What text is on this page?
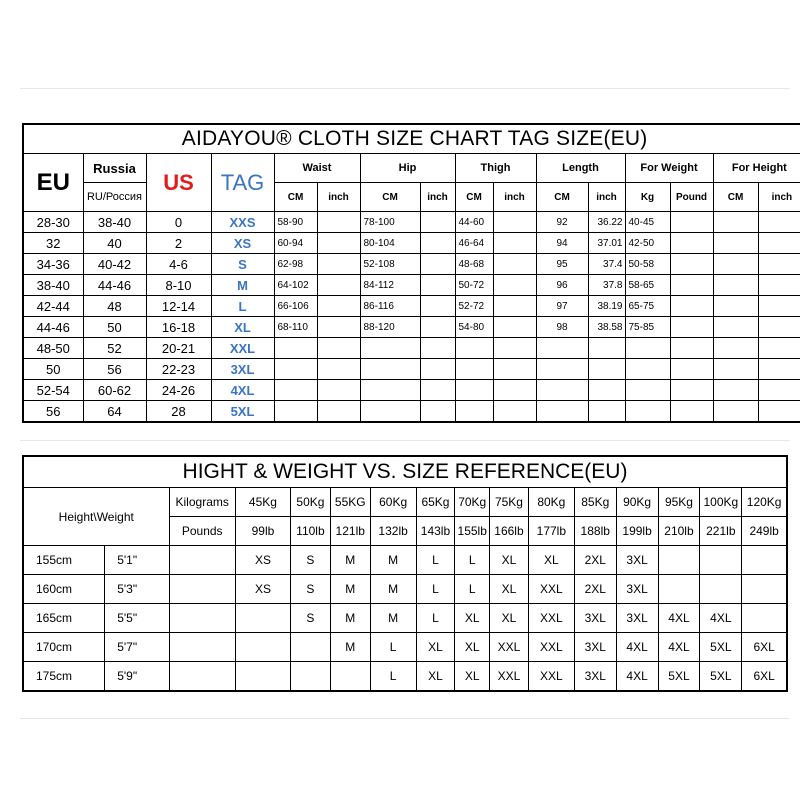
AIDAYOU® CLOTH SIZE CHART TAG SIZE(EU)															
EU	Russia	US	TAG	Waist		Hip		Thigh		Length		For Weight		For Height	
	RU/Россия			CM	inch	CM	inch	CM	inch	CM	inch	Kg	Pound	CM	inch
28-30	38-40	0	XXS	58-90		78-100		44-60		92	36.22	40-45			
32	40	2	XS	60-94		80-104		46-64		94	37.01	42-50			
34-36	40-42	4-6	S	62-98		52-108		48-68		95	37.4	50-58			
38-40	44-46	8-10	M	64-102		84-112		50-72		96	37.8	58-65			
42-44	48	12-14	L	66-106		86-116		52-72		97	38.19	65-75			
44-46	50	16-18	XL	68-110		88-120		54-80		98	38.58	75-85			
48-50	52	20-21	XXL												
50	56	22-23	3XL												
52-54	60-62	24-26	4XL												
56	64	28	5XL												
HIGHT & WEIGHT VS. SIZE REFERENCE(EU)															
Height\Weight		Kilograms	45Kg	50Kg	55KG	60Kg	65Kg	70Kg	75Kg	80Kg	85Kg	90Kg	95Kg	100Kg	120Kg
		Pounds	99lb	110lb	121lb	132lb	143lb	155lb	166lb	177lb	188lb	199lb	210lb	221lb	249lb
155cm	5'1"		XS	S	M	M	L	L	XL	XL	2XL	3XL			
160cm	5'3"		XS	S	M	M	L	L	XL	XXL	2XL	3XL			
165cm	5'5"			S	M	M	L	XL	XL	XXL	3XL	3XL	4XL	4XL	
170cm	5'7"				M	L	XL	XL	XXL	XXL	3XL	4XL	4XL	5XL	6XL
175cm	5'9"					L	XL	XL	XXL	XXL	3XL	4XL	5XL	5XL	6XL
